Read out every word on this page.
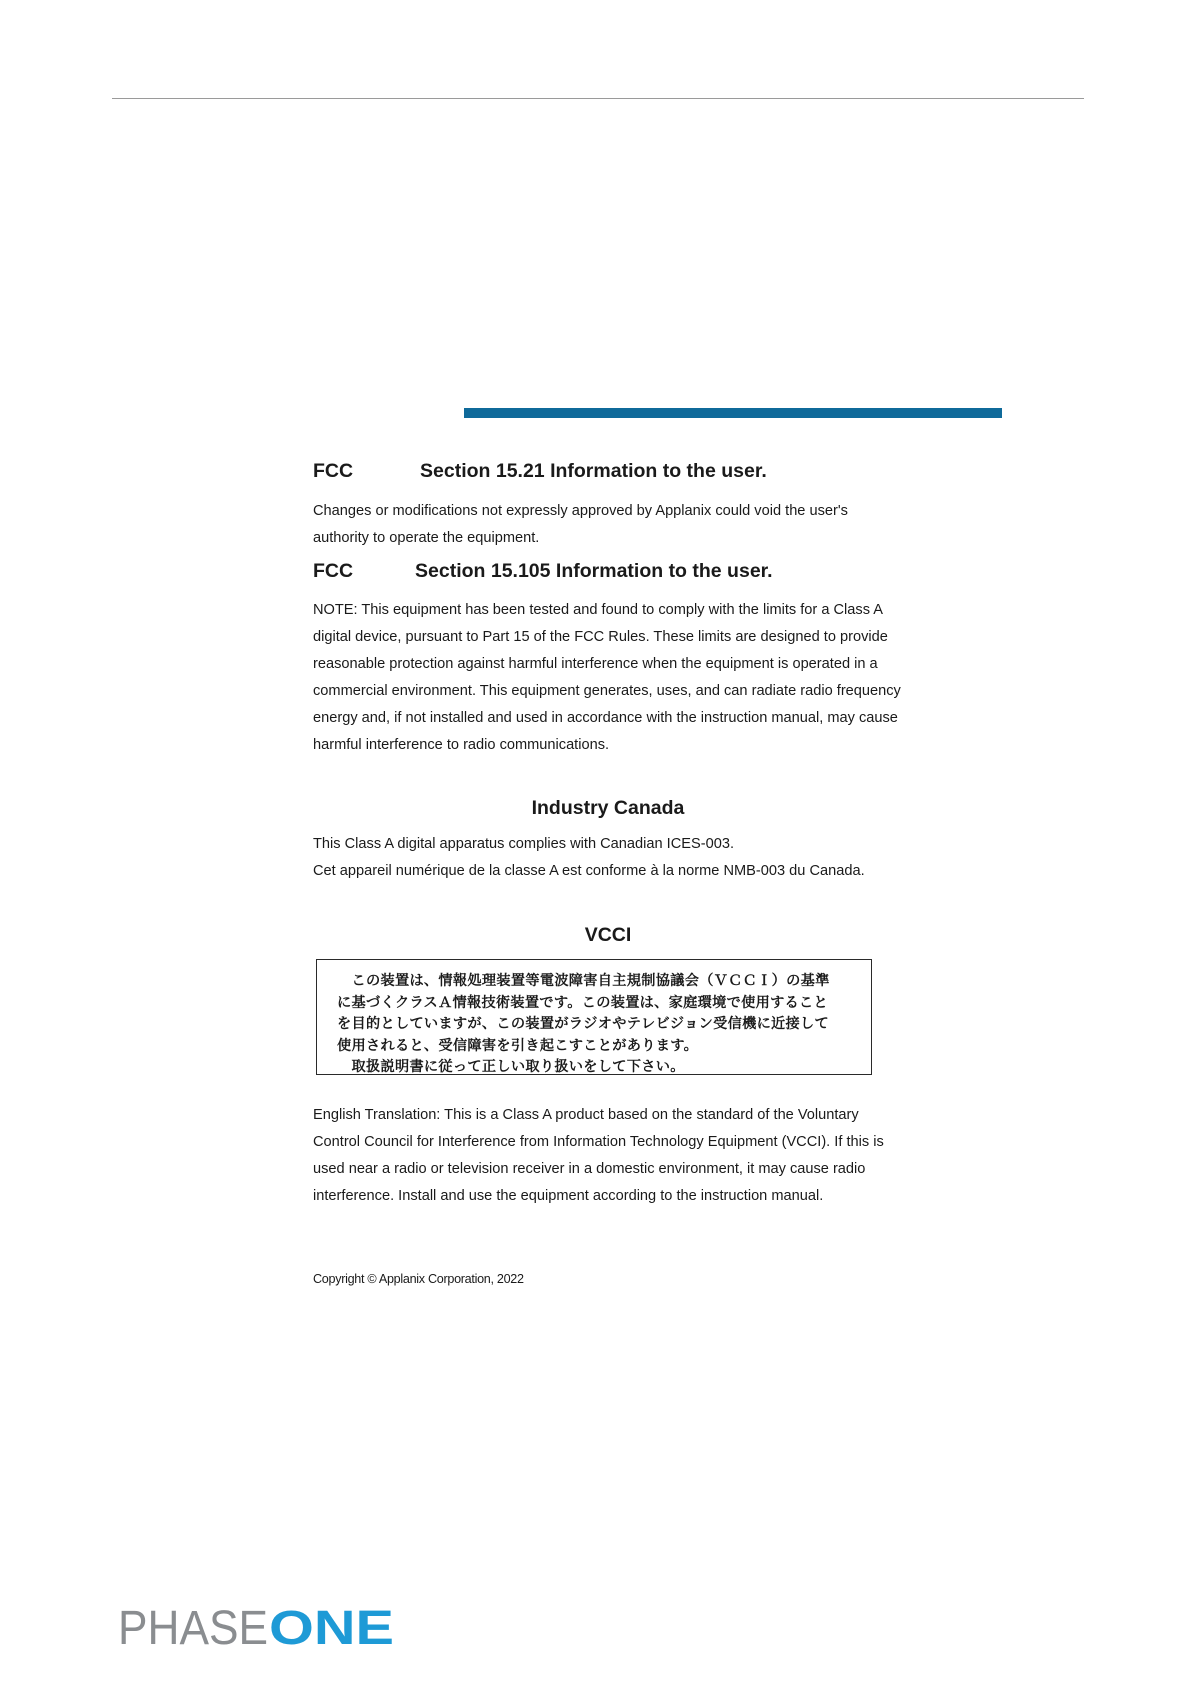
FCC	Section 15.21 Information to the user.

Changes or modifications not expressly approved by Applanix could void the user's authority to operate the equipment.

FCC	Section 15.105 Information to the user.

NOTE: This equipment has been tested and found to comply with the limits for a Class A digital device, pursuant to Part 15 of the FCC Rules. These limits are designed to provide reasonable protection against harmful interference when the equipment is operated in a commercial environment. This equipment generates, uses, and can radiate radio frequency energy and, if not installed and used in accordance with the instruction manual, may cause harmful interference to radio communications.

Industry Canada

This Class A digital apparatus complies with Canadian ICES-003.

Cet appareil numérique de la classe A est conforme à la norme NMB-003 du Canada.

VCCI

　この装置は、情報処理装置等電波障害自主規制協議会（ＶＣＣＩ）の基準

に基づくクラスＡ情報技術装置です。この装置は、家庭環境で使用すること

を目的としていますが、この装置がラジオやテレビジョン受信機に近接して

使用されると、受信障害を引き起こすことがあります。

　取扱説明書に従って正しい取り扱いをして下さい。

English Translation: This is a Class A product based on the standard of the Voluntary Control Council for Interference from Information Technology Equipment (VCCI). If this is used near a radio or television receiver in a domestic environment, it may cause radio interference. Install and use the equipment according to the instruction manual.

Copyright © Applanix Corporation, 2022

PHASE ONE
